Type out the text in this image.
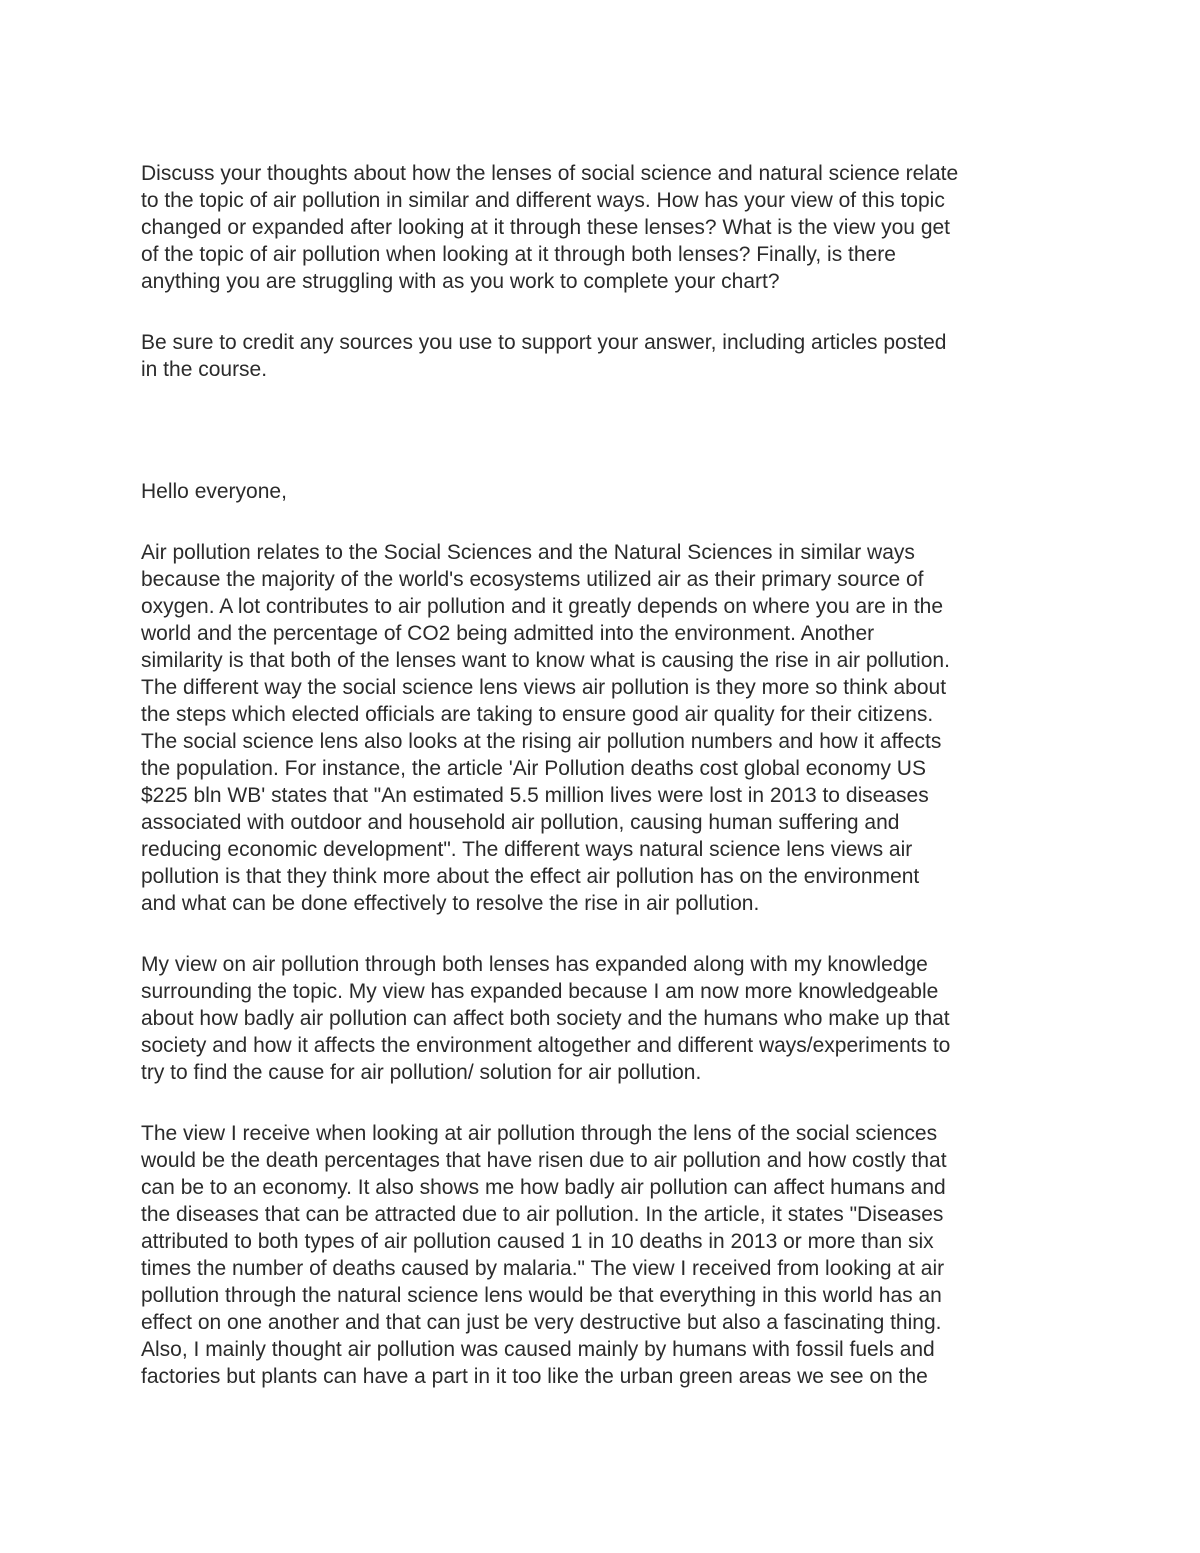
Discuss your thoughts about how the lenses of social science and natural science relate
to the topic of air pollution in similar and different ways. How has your view of this topic
changed or expanded after looking at it through these lenses? What is the view you get
of the topic of air pollution when looking at it through both lenses? Finally, is there
anything you are struggling with as you work to complete your chart?

Be sure to credit any sources you use to support your answer, including articles posted
in the course.

Hello everyone,

Air pollution relates to the Social Sciences and the Natural Sciences in similar ways
because the majority of the world's ecosystems utilized air as their primary source of
oxygen. A lot contributes to air pollution and it greatly depends on where you are in the
world and the percentage of CO2 being admitted into the environment. Another
similarity is that both of the lenses want to know what is causing the rise in air pollution.
The different way the social science lens views air pollution is they more so think about
the steps which elected officials are taking to ensure good air quality for their citizens.
The social science lens also looks at the rising air pollution numbers and how it affects
the population. For instance, the article 'Air Pollution deaths cost global economy US
$225 bln WB' states that "An estimated 5.5 million lives were lost in 2013 to diseases
associated with outdoor and household air pollution, causing human suffering and
reducing economic development". The different ways natural science lens views air
pollution is that they think more about the effect air pollution has on the environment
and what can be done effectively to resolve the rise in air pollution.

My view on air pollution through both lenses has expanded along with my knowledge
surrounding the topic. My view has expanded because I am now more knowledgeable
about how badly air pollution can affect both society and the humans who make up that
society and how it affects the environment altogether and different ways/experiments to
try to find the cause for air pollution/ solution for air pollution.

The view I receive when looking at air pollution through the lens of the social sciences
would be the death percentages that have risen due to air pollution and how costly that
can be to an economy. It also shows me how badly air pollution can affect humans and
the diseases that can be attracted due to air pollution. In the article, it states "Diseases
attributed to both types of air pollution caused 1 in 10 deaths in 2013 or more than six
times the number of deaths caused by malaria." The view I received from looking at air
pollution through the natural science lens would be that everything in this world has an
effect on one another and that can just be very destructive but also a fascinating thing.
Also, I mainly thought air pollution was caused mainly by humans with fossil fuels and
factories but plants can have a part in it too like the urban green areas we see on the
